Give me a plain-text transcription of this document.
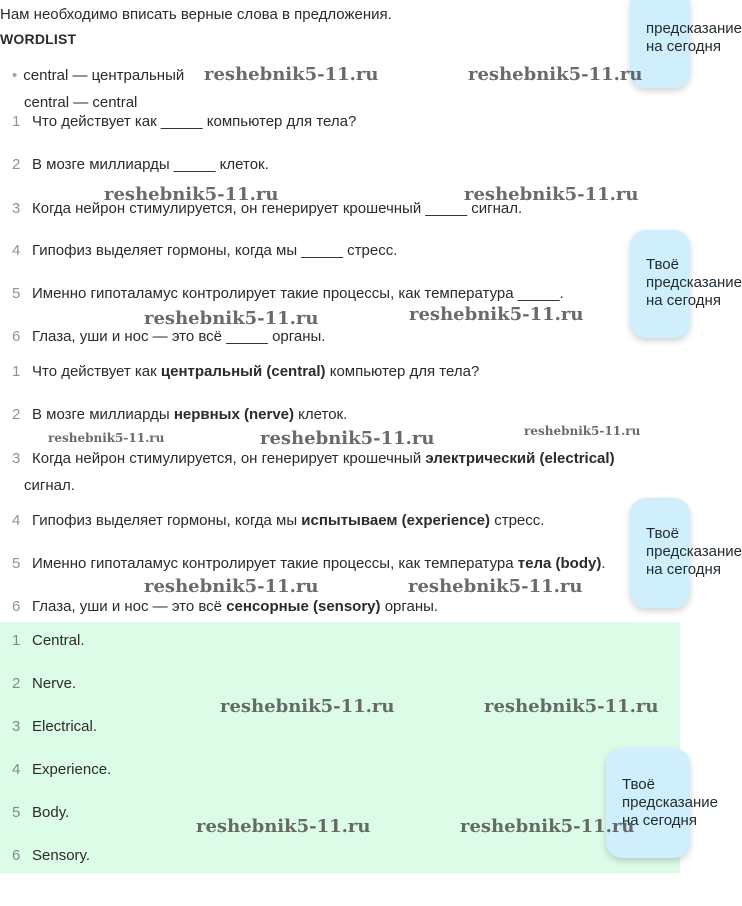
Нам необходимо вписать верные слова в предложения.
WORDLIST
• central — центральный
central — central
1 Что действует как _____ компьютер для тела?
2 В мозге миллиарды _____ клеток.
3 Когда нейрон стимулируется, он генерирует крошечный _____ сигнал.
4 Гипофиз выделяет гормоны, когда мы _____ стресс.
5 Именно гипоталамус контролирует такие процессы, как температура _____.
6 Глаза, уши и нос — это всё _____ органы.
1 Что действует как центральный (central) компьютер для тела?
2 В мозге миллиарды нервных (nerve) клеток.
3 Когда нейрон стимулируется, он генерирует крошечный электрический (electrical)
сигнал.
4 Гипофиз выделяет гормоны, когда мы испытываем (experience) стресс.
5 Именно гипоталамус контролирует такие процессы, как температура тела (body).
6 Глаза, уши и нос — это всё сенсорные (sensory) органы.
1 Central.
2 Nerve.
3 Electrical.
4 Experience.
5 Body.
6 Sensory.
предсказание
на сегодня
Твоё
предсказание
на сегодня
Твоё
предсказание
на сегодня
Твоё
предсказание
на сегодня
reshebnik5-11.ru	reshebnik5-11.ru
reshebnik5-11.ru	reshebnik5-11.ru
reshebnik5-11.ru	reshebnik5-11.ru
reshebnik5-11.ru	reshebnik5-11.ru	reshebnik5-11.ru
reshebnik5-11.ru	reshebnik5-11.ru
reshebnik5-11.ru	reshebnik5-11.ru
reshebnik5-11.ru	reshebnik5-11.ru
